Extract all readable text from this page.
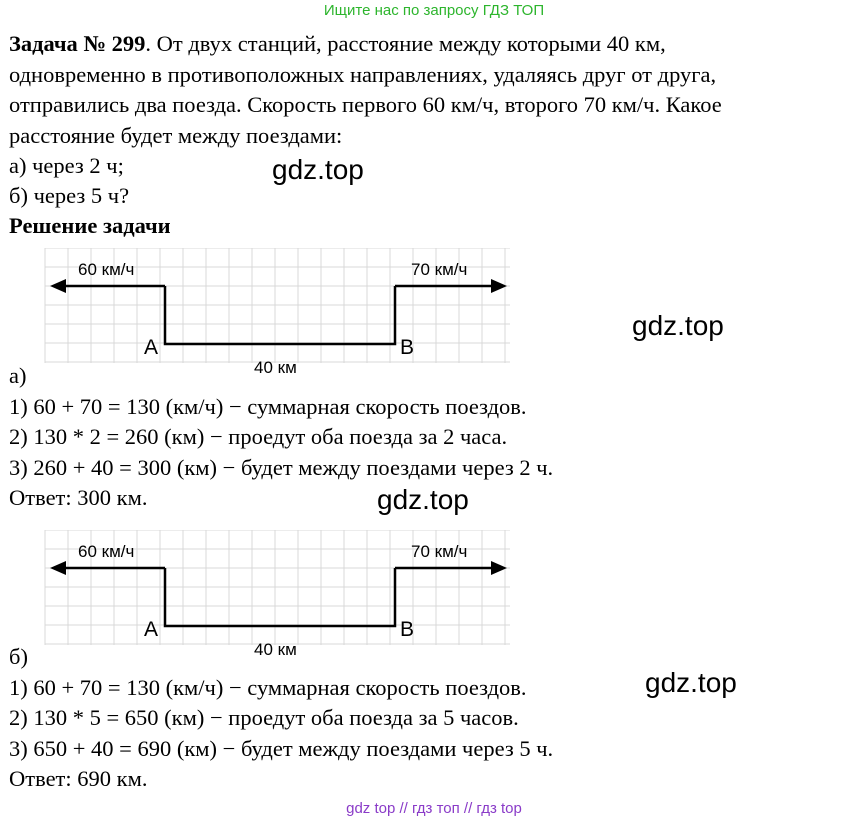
Ищите нас по запросу ГДЗ ТОП
Задача № 299. От двух станций, расстояние между которыми 40 км,
одновременно в противоположных направлениях, удаляясь друг от друга,
отправились два поезда. Скорость первого 60 км/ч, второго 70 км/ч. Какое
расстояние будет между поездами:
а) через 2 ч;
б) через 5 ч?
Решение задачи
gdz.top
gdz.top
gdz.top
gdz.top
60 км/ч	70 км/ч
A	B
40 км
а)
1) 60 + 70 = 130 (км/ч) − суммарная скорость поездов.
2) 130 * 2 = 260 (км) − проедут оба поезда за 2 часа.
3) 260 + 40 = 300 (км) − будет между поездами через 2 ч.
Ответ: 300 км.
60 км/ч	70 км/ч
A	B
40 км
б)
1) 60 + 70 = 130 (км/ч) − суммарная скорость поездов.
2) 130 * 5 = 650 (км) − проедут оба поезда за 5 часов.
3) 650 + 40 = 690 (км) − будет между поездами через 5 ч.
Ответ: 690 км.
gdz top // гдз топ // гдз top
